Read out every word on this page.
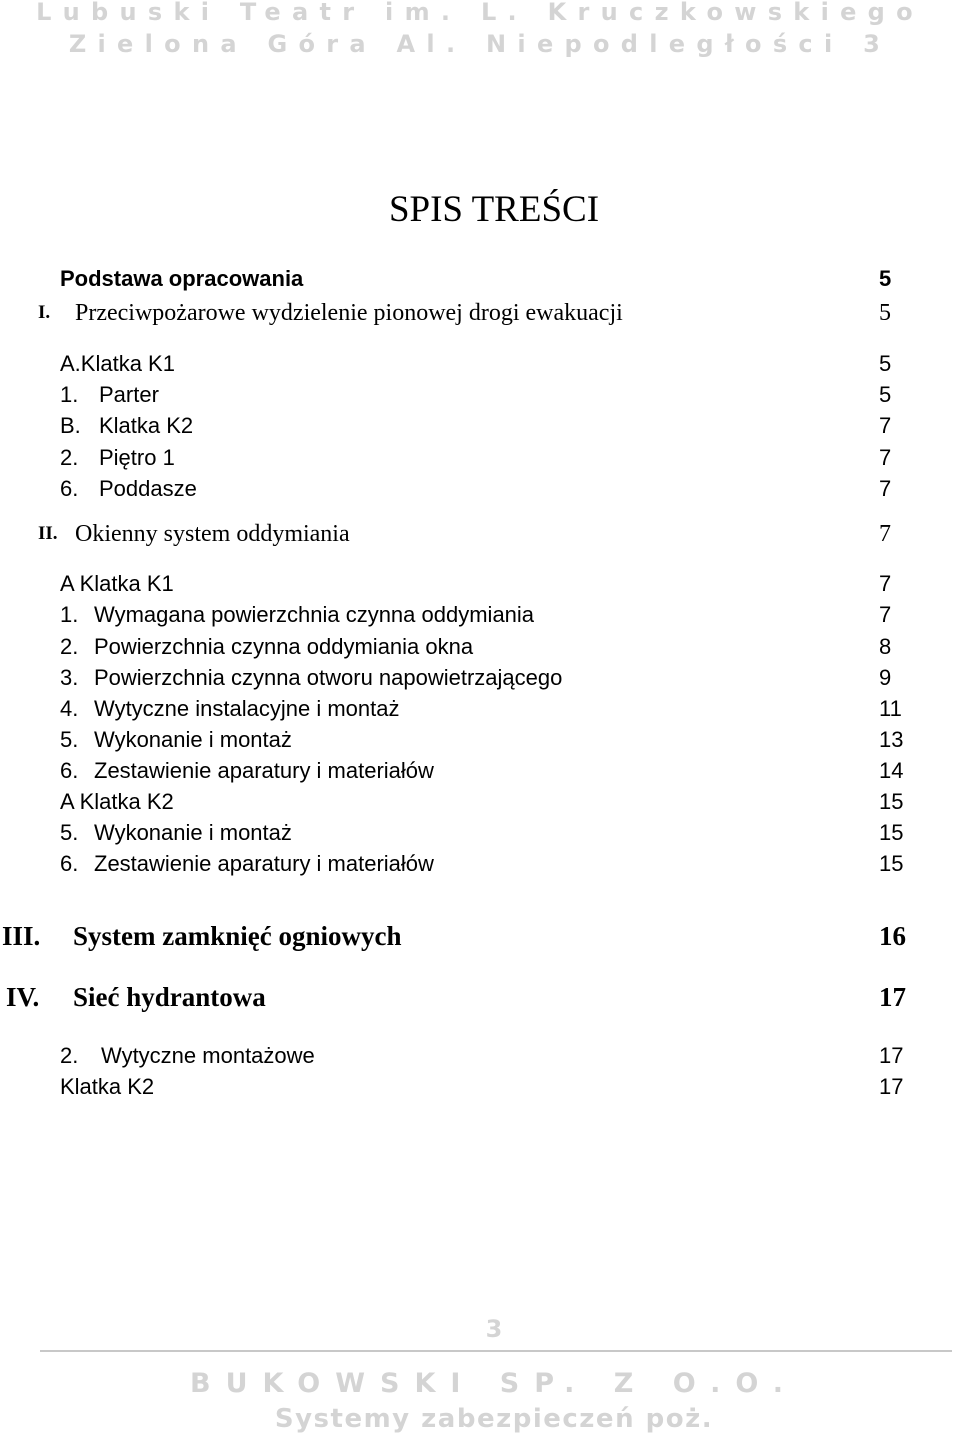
Lubuski Teatr im. L. Kruczkowskiego
Zielona Góra Al. Niepodległości 3
SPIS TREŚCI
Podstawa opracowania	5
I. Przeciwpożarowe wydzielenie pionowej drogi ewakuacji	5
A.Klatka K1	5
1. Parter	5
B. Klatka K2	7
2. Piętro 1	7
6. Poddasze	7
II. Okienny system oddymiania	7
A Klatka K1	7
1. Wymagana powierzchnia czynna oddymiania	7
2. Powierzchnia czynna oddymiania okna	8
3. Powierzchnia czynna otworu napowietrzającego	9
4. Wytyczne instalacyjne i montaż	11
5. Wykonanie i montaż	13
6. Zestawienie aparatury i materiałów	14
A Klatka K2	15
5. Wykonanie i montaż	15
6. Zestawienie aparatury i materiałów	15
III. System zamknięć ogniowych	16
IV. Sieć hydrantowa	17
2. Wytyczne montażowe	17
Klatka K2	17
3
BUKOWSKI SP. Z O.O.
Systemy zabezpieczeń poż.
